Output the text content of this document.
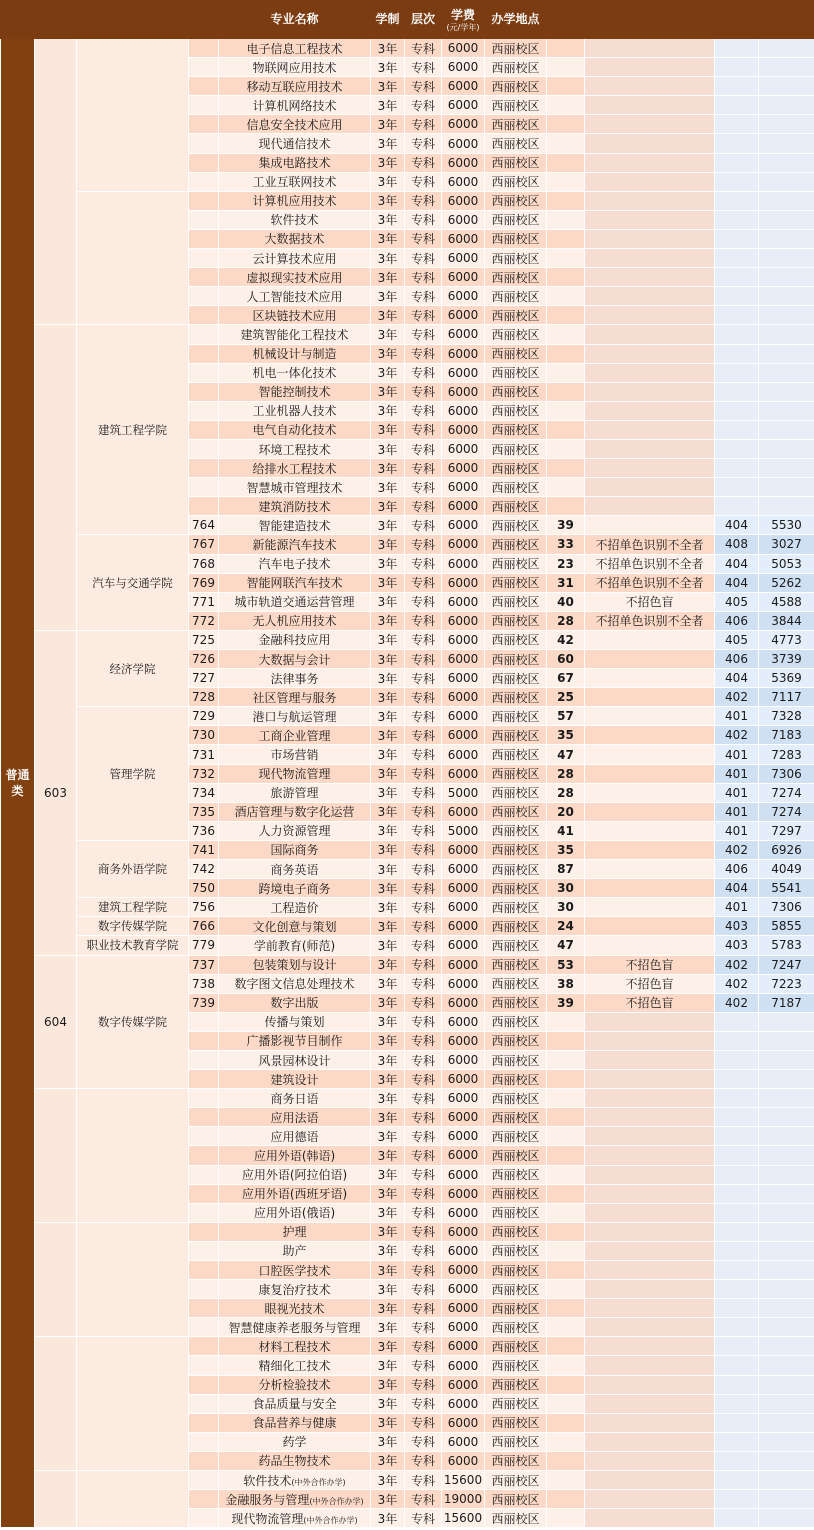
				专业名称	学制	层次	学费
(元/学年)	办学地点				

普通类				电子信息工程技术	3年	专科	6000	西丽校区				
				物联网应用技术	3年	专科	6000	西丽校区				
				移动互联应用技术	3年	专科	6000	西丽校区				
				计算机网络技术	3年	专科	6000	西丽校区				
				信息安全技术应用	3年	专科	6000	西丽校区				
				现代通信技术	3年	专科	6000	西丽校区				
				集成电路技术	3年	专科	6000	西丽校区				
				工业互联网技术	3年	专科	6000	西丽校区				
				计算机应用技术	3年	专科	6000	西丽校区				
				软件技术	3年	专科	6000	西丽校区				
				大数据技术	3年	专科	6000	西丽校区				
				云计算技术应用	3年	专科	6000	西丽校区				
				虚拟现实技术应用	3年	专科	6000	西丽校区				
				人工智能技术应用	3年	专科	6000	西丽校区				
				区块链技术应用	3年	专科	6000	西丽校区				
		建筑工程学院		建筑智能化工程技术	3年	专科	6000	西丽校区				
				机械设计与制造	3年	专科	6000	西丽校区				
				机电一体化技术	3年	专科	6000	西丽校区				
				智能控制技术	3年	专科	6000	西丽校区				
				工业机器人技术	3年	专科	6000	西丽校区				
				电气自动化技术	3年	专科	6000	西丽校区				
				环境工程技术	3年	专科	6000	西丽校区				
				给排水工程技术	3年	专科	6000	西丽校区				
				智慧城市管理技术	3年	专科	6000	西丽校区				
				建筑消防技术	3年	专科	6000	西丽校区				
			764	智能建造技术	3年	专科	6000	西丽校区	39		404	5530
		汽车与交通学院	767	新能源汽车技术	3年	专科	6000	西丽校区	33	不招单色识别不全者	408	3027
			768	汽车电子技术	3年	专科	6000	西丽校区	23	不招单色识别不全者	404	5053
			769	智能网联汽车技术	3年	专科	6000	西丽校区	31	不招单色识别不全者	404	5262
			771	城市轨道交通运营管理	3年	专科	6000	西丽校区	40	不招色盲	405	4588
			772	无人机应用技术	3年	专科	6000	西丽校区	28	不招单色识别不全者	406	3844
	603	经济学院	725	金融科技应用	3年	专科	6000	西丽校区	42		405	4773
			726	大数据与会计	3年	专科	6000	西丽校区	60		406	3739
			727	法律事务	3年	专科	6000	西丽校区	67		404	5369
			728	社区管理与服务	3年	专科	6000	西丽校区	25		402	7117
		管理学院	729	港口与航运管理	3年	专科	6000	西丽校区	57		401	7328
			730	工商企业管理	3年	专科	6000	西丽校区	35		402	7183
			731	市场营销	3年	专科	6000	西丽校区	47		401	7283
			732	现代物流管理	3年	专科	6000	西丽校区	28		401	7306
			734	旅游管理	3年	专科	5000	西丽校区	28		401	7274
			735	酒店管理与数字化运营	3年	专科	6000	西丽校区	20		401	7274
			736	人力资源管理	3年	专科	5000	西丽校区	41		401	7297
		商务外语学院	741	国际商务	3年	专科	6000	西丽校区	35		402	6926
			742	商务英语	3年	专科	6000	西丽校区	87		406	4049
			750	跨境电子商务	3年	专科	6000	西丽校区	30		404	5541
		建筑工程学院	756	工程造价	3年	专科	6000	西丽校区	30		401	7306
		数字传媒学院	766	文化创意与策划	3年	专科	6000	西丽校区	24		403	5855
		职业技术教育学院	779	学前教育(师范)	3年	专科	6000	西丽校区	47		403	5783
	604	数字传媒学院	737	包装策划与设计	3年	专科	6000	西丽校区	53	不招色盲	402	7247
			738	数字图文信息处理技术	3年	专科	6000	西丽校区	38	不招色盲	402	7223
			739	数字出版	3年	专科	6000	西丽校区	39	不招色盲	402	7187
				传播与策划	3年	专科	6000	西丽校区				
				广播影视节目制作	3年	专科	6000	西丽校区				
				风景园林设计	3年	专科	6000	西丽校区				
				建筑设计	3年	专科	6000	西丽校区				
				商务日语	3年	专科	6000	西丽校区				
				应用法语	3年	专科	6000	西丽校区				
				应用德语	3年	专科	6000	西丽校区				
				应用外语(韩语)	3年	专科	6000	西丽校区				
				应用外语(阿拉伯语)	3年	专科	6000	西丽校区				
				应用外语(西班牙语)	3年	专科	6000	西丽校区				
				应用外语(俄语)	3年	专科	6000	西丽校区				
				护理	3年	专科	6000	西丽校区				
				助产	3年	专科	6000	西丽校区				
				口腔医学技术	3年	专科	6000	西丽校区				
				康复治疗技术	3年	专科	6000	西丽校区				
				眼视光技术	3年	专科	6000	西丽校区				
				智慧健康养老服务与管理	3年	专科	6000	西丽校区				
				材料工程技术	3年	专科	6000	西丽校区				
				精细化工技术	3年	专科	6000	西丽校区				
				分析检验技术	3年	专科	6000	西丽校区				
				食品质量与安全	3年	专科	6000	西丽校区				
				食品营养与健康	3年	专科	6000	西丽校区				
				药学	3年	专科	6000	西丽校区				
				药品生物技术	3年	专科	6000	西丽校区				
				软件技术(中外合作办学)	3年	专科	15600	西丽校区				
				金融服务与管理(中外合作办学)	3年	专科	19000	西丽校区				
				现代物流管理(中外合作办学)	3年	专科	15600	西丽校区				
